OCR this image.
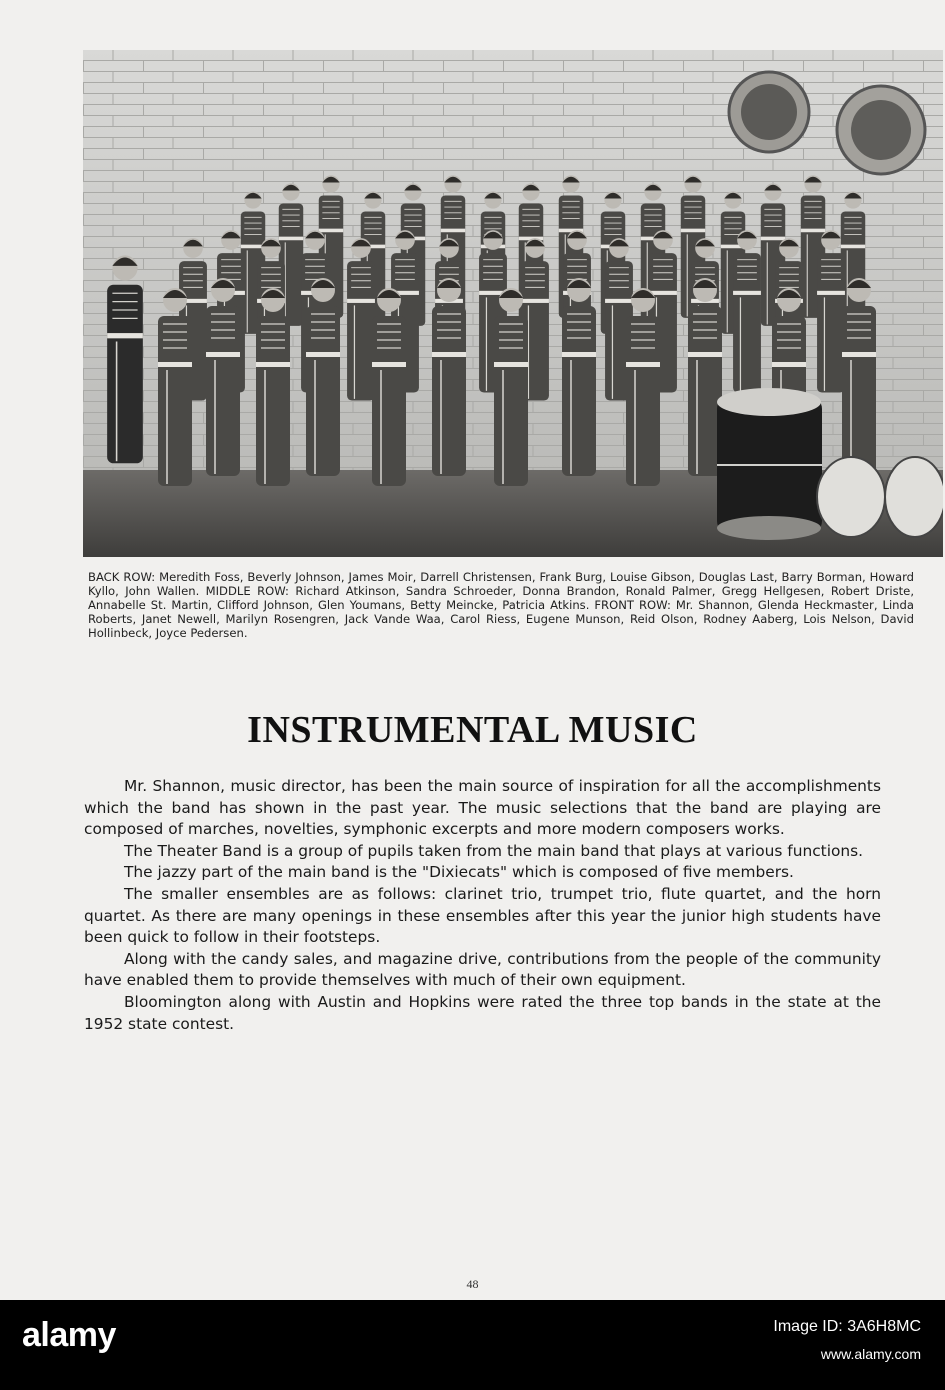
BACK ROW: Meredith Foss, Beverly Johnson, James Moir, Darrell Christensen, Frank Burg, Louise Gibson, Douglas Last, Barry Borman, Howard Kyllo, John Wallen. MIDDLE ROW: Richard Atkinson, Sandra Schroeder, Donna Brandon, Ronald Palmer, Gregg Hellgesen, Robert Driste, Annabelle St. Martin, Clifford Johnson, Glen Youmans, Betty Meincke, Patricia Atkins. FRONT ROW: Mr. Shannon, Glenda Heckmaster, Linda Roberts, Janet Newell, Marilyn Rosengren, Jack Vande Waa, Carol Riess, Eugene Munson, Reid Olson, Rodney Aaberg, Lois Nelson, David Hollinbeck, Joyce Pedersen.

INSTRUMENTAL MUSIC

Mr. Shannon, music director, has been the main source of inspiration for all the accomplishments which the band has shown in the past year. The music selections that the band are playing are composed of marches, novelties, symphonic excerpts and more modern composers works.

The Theater Band is a group of pupils taken from the main band that plays at various functions.

The jazzy part of the main band is the "Dixiecats" which is composed of five members.

The smaller ensembles are as follows: clarinet trio, trumpet trio, flute quartet, and the horn quartet. As there are many openings in these ensembles after this year the junior high students have been quick to follow in their footsteps.

Along with the candy sales, and magazine drive, contributions from the people of the community have enabled them to provide themselves with much of their own equipment.

Bloomington along with Austin and Hopkins were rated the three top bands in the state at the 1952 state contest.

48
alamy	Image ID: 3A6H8MC
www.alamy.com
